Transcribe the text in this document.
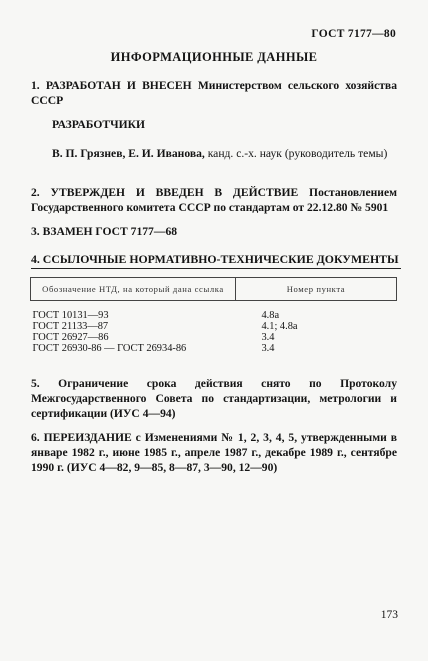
ГОСТ 7177—80
ИНФОРМАЦИОННЫЕ ДАННЫЕ
1. РАЗРАБОТАН И ВНЕСЕН Министерством сельского хозяйства СССР
РАЗРАБОТЧИКИ
В. П. Грязнев, Е. И. Иванова, канд. с.-х. наук (руководитель темы)
2. УТВЕРЖДЕН И ВВЕДЕН В ДЕЙСТВИЕ Постановлением Государственного комитета СССР по стандартам от 22.12.80 № 5901
3. ВЗАМЕН ГОСТ 7177—68
4. ССЫЛОЧНЫЕ НОРМАТИВНО-ТЕХНИЧЕСКИЕ ДОКУМЕНТЫ
Обозначение НТД, на который дана ссылка	Номер пункта
ГОСТ 10131—93	4.8а
ГОСТ 21133—87	4.1; 4.8а
ГОСТ 26927—86	3.4
ГОСТ 26930-86 — ГОСТ 26934-86	3.4
5. Ограничение срока действия снято по Протоколу Межгосударственного Совета по стандартизации, метрологии и сертификации (ИУС 4—94)
6. ПЕРЕИЗДАНИЕ с Изменениями № 1, 2, 3, 4, 5, утвержденными в январе 1982 г., июне 1985 г., апреле 1987 г., декабре 1989 г., сентябре 1990 г. (ИУС 4—82, 9—85, 8—87, 3—90, 12—90)
173
